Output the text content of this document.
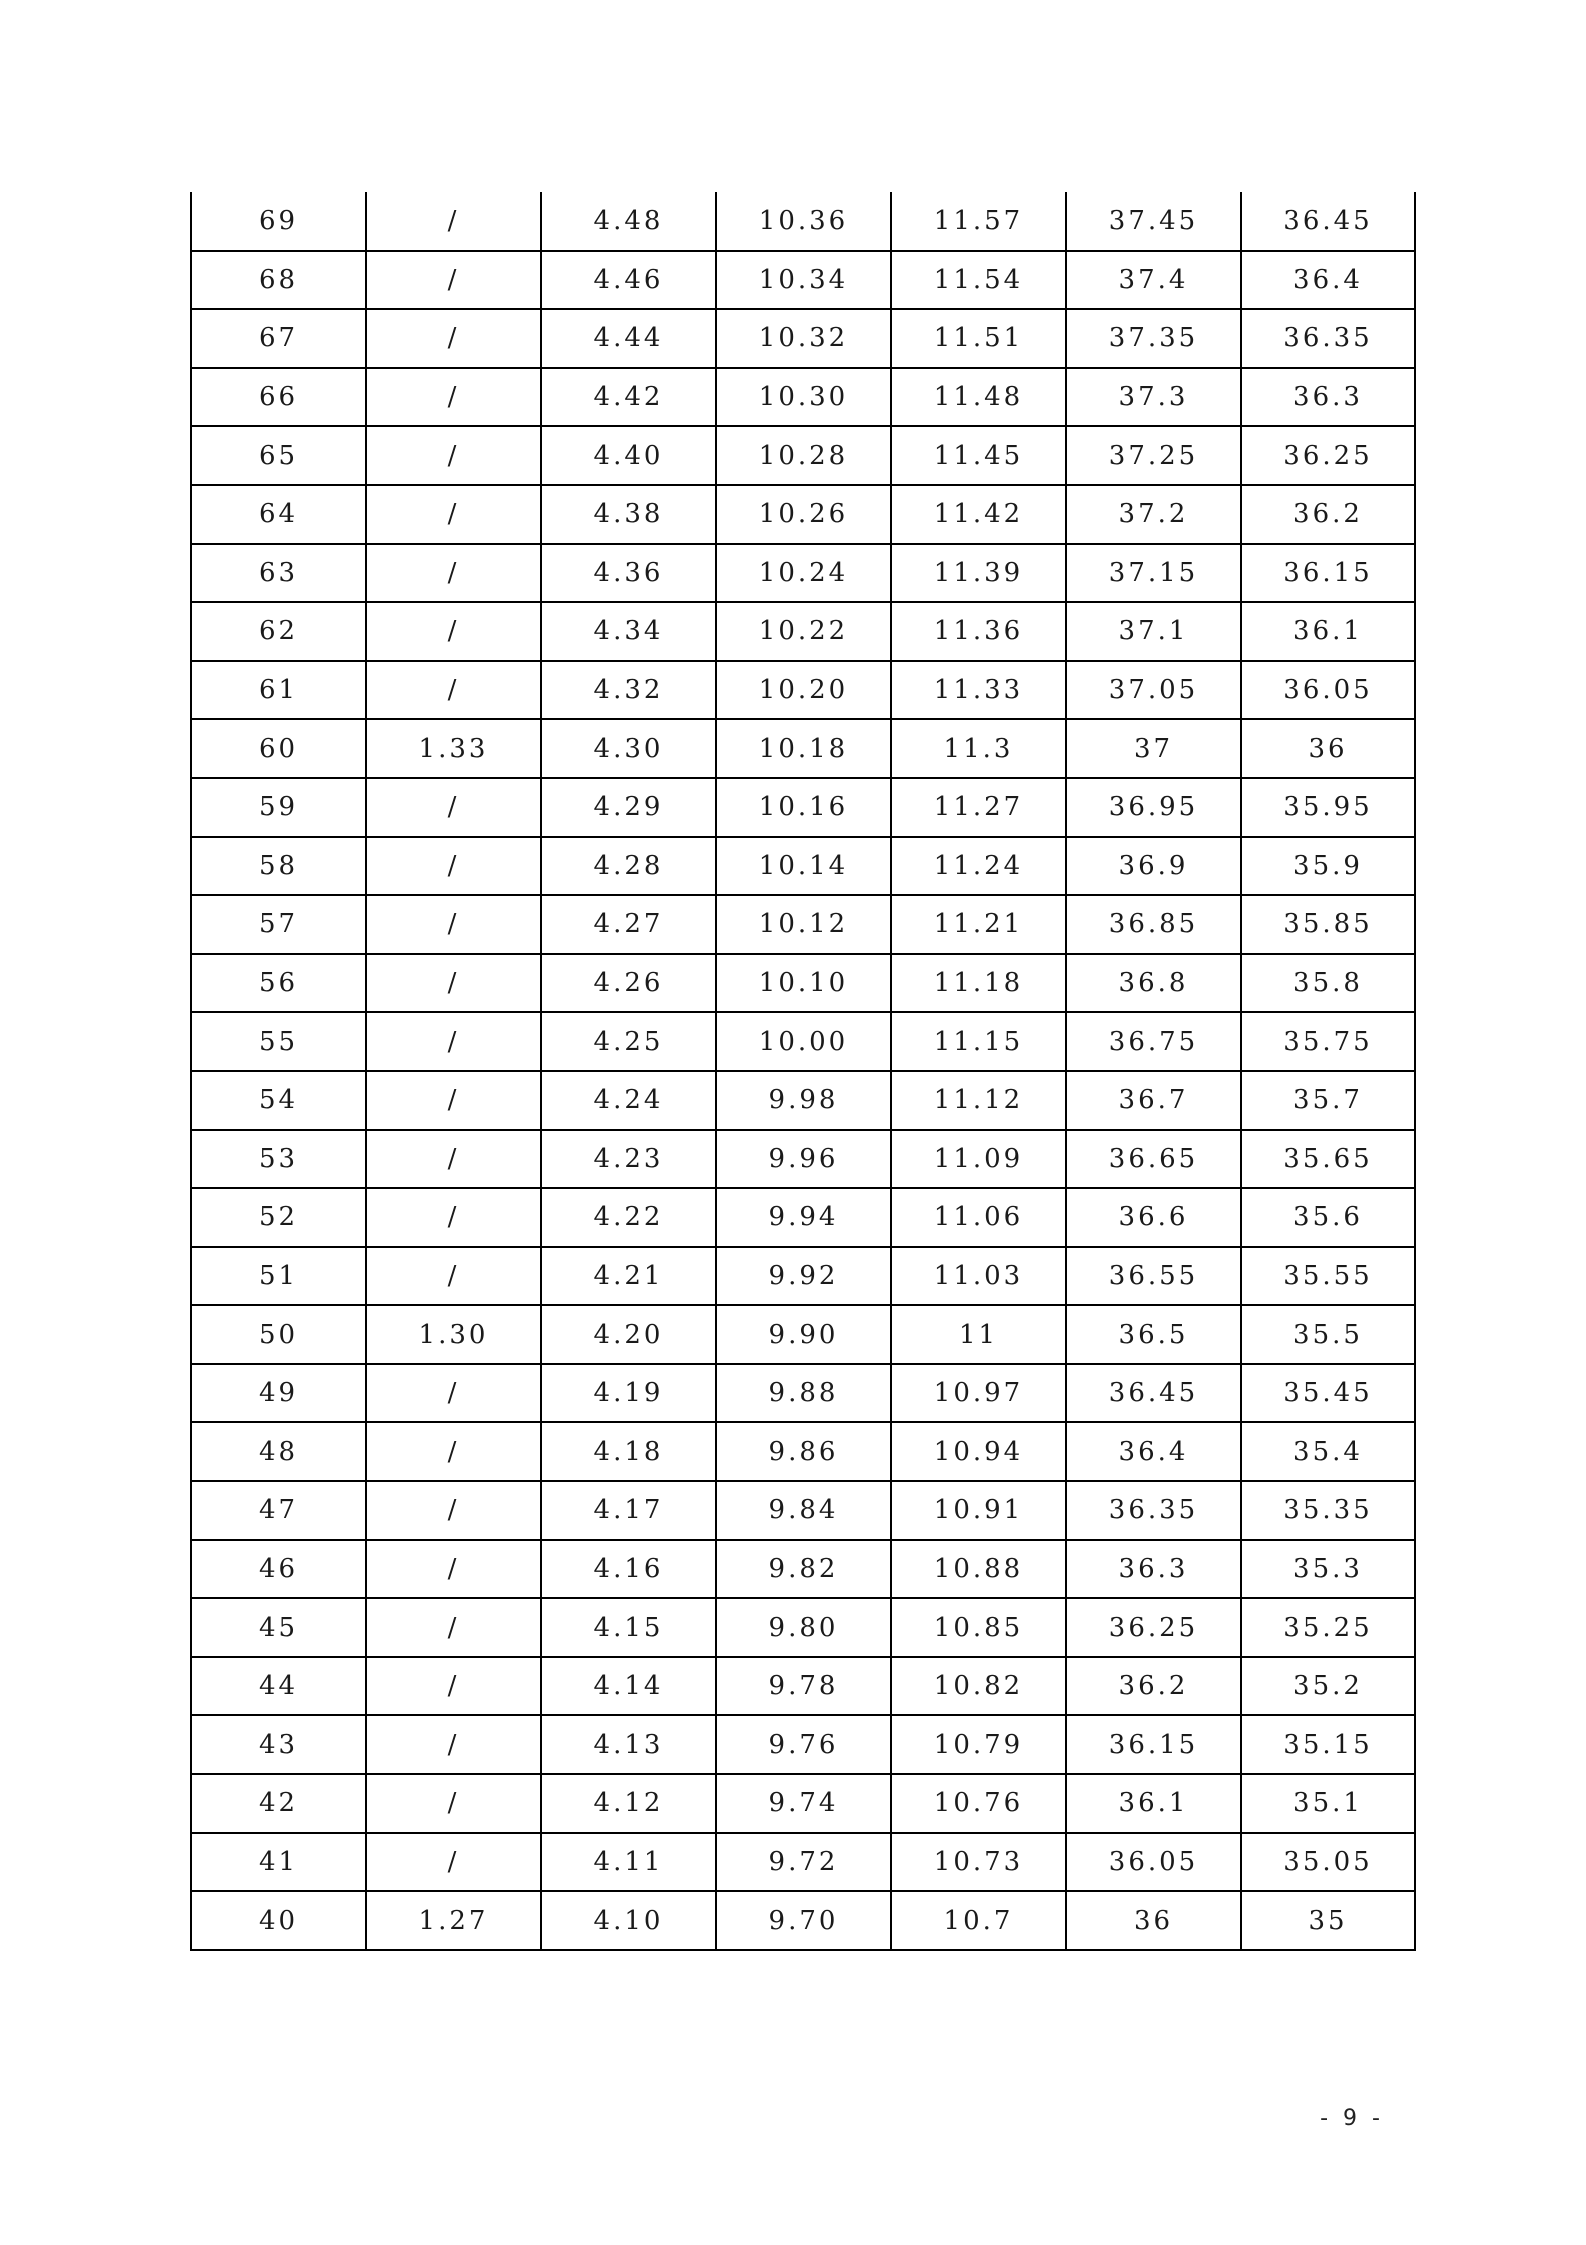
69	/	4.48	10.36	11.57	37.45	36.45
68	/	4.46	10.34	11.54	37.4	36.4
67	/	4.44	10.32	11.51	37.35	36.35
66	/	4.42	10.30	11.48	37.3	36.3
65	/	4.40	10.28	11.45	37.25	36.25
64	/	4.38	10.26	11.42	37.2	36.2
63	/	4.36	10.24	11.39	37.15	36.15
62	/	4.34	10.22	11.36	37.1	36.1
61	/	4.32	10.20	11.33	37.05	36.05
60	1.33	4.30	10.18	11.3	37	36
59	/	4.29	10.16	11.27	36.95	35.95
58	/	4.28	10.14	11.24	36.9	35.9
57	/	4.27	10.12	11.21	36.85	35.85
56	/	4.26	10.10	11.18	36.8	35.8
55	/	4.25	10.00	11.15	36.75	35.75
54	/	4.24	9.98	11.12	36.7	35.7
53	/	4.23	9.96	11.09	36.65	35.65
52	/	4.22	9.94	11.06	36.6	35.6
51	/	4.21	9.92	11.03	36.55	35.55
50	1.30	4.20	9.90	11	36.5	35.5
49	/	4.19	9.88	10.97	36.45	35.45
48	/	4.18	9.86	10.94	36.4	35.4
47	/	4.17	9.84	10.91	36.35	35.35
46	/	4.16	9.82	10.88	36.3	35.3
45	/	4.15	9.80	10.85	36.25	35.25
44	/	4.14	9.78	10.82	36.2	35.2
43	/	4.13	9.76	10.79	36.15	35.15
42	/	4.12	9.74	10.76	36.1	35.1
41	/	4.11	9.72	10.73	36.05	35.05
40	1.27	4.10	9.70	10.7	36	35
- 9 -
